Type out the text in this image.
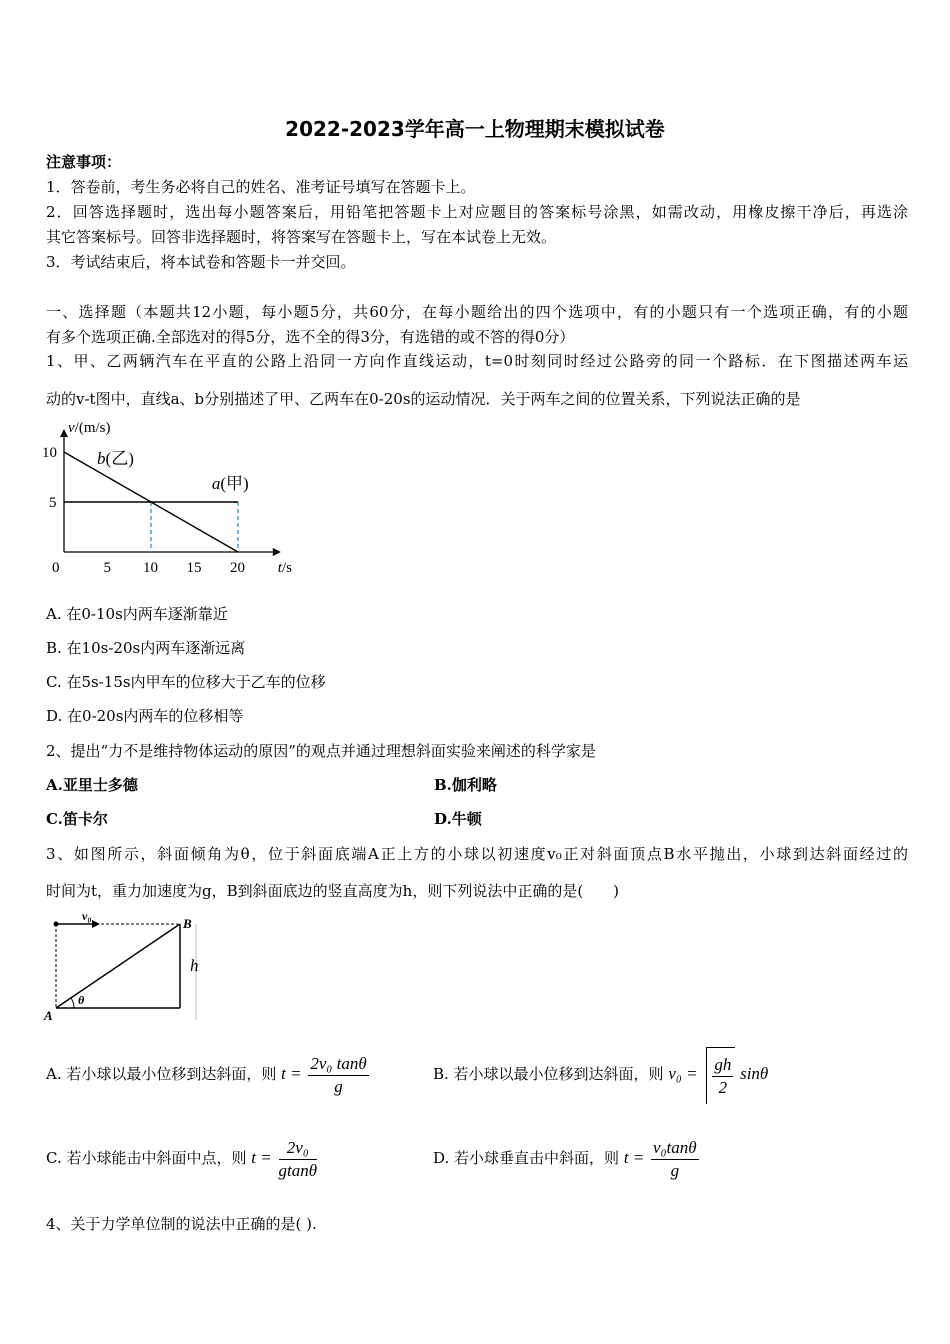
2022-2023学年高一上物理期末模拟试卷
注意事项：
1．答卷前，考生务必将自己的姓名、准考证号填写在答题卡上。
2．回答选择题时，选出每小题答案后，用铅笔把答题卡上对应题目的答案标号涂黑，如需改动，用橡皮擦干净后，再选涂
其它答案标号。回答非选择题时，将答案写在答题卡上，写在本试卷上无效。
3．考试结束后，将本试卷和答题卡一并交回。
一、选择题（本题共12小题，每小题5分，共60分，在每小题给出的四个选项中，有的小题只有一个选项正确，有的小题
有多个选项正确.全部选对的得5分，选不全的得3分，有选错的或不答的得0分）
1、甲、乙两辆汽车在平直的公路上沿同一方向作直线运动，t=0时刻同时经过公路旁的同一个路标．在下图描述两车运
动的v-t图中，直线a、b分别描述了甲、乙两车在0-20s的运动情况．关于两车之间的位置关系，下列说法正确的是
v/(m/s)
t/s
0	5 10 15 20
5
10 b(乙)
a(甲)
A. 在0-10s内两车逐渐靠近
B. 在10s-20s内两车逐渐远离
C. 在5s-15s内甲车的位移大于乙车的位移
D. 在0-20s内两车的位移相等
2、提出“力不是维持物体运动的原因”的观点并通过理想斜面实验来阐述的科学家是
A.亚里士多德	B.伽利略
C.笛卡尔	D.牛顿
3、如图所示，斜面倾角为θ，位于斜面底端A正上方的小球以初速度v₀正对斜面顶点B水平抛出，小球到达斜面经过的
时间为t，重力加速度为g，B到斜面底边的竖直高度为h，则下列说法中正确的是(　　)
v₀
θ
B
A
h
A. 若小球以最小位移到达斜面，则 $t = \frac{\text{2v₀ tanθ}}{g}$	B. 若小球以最小位移到达斜面，则 $v_0 = \frac{gh}{2}$ sinθ
C. 若小球能击中斜面中点，则 $t = \frac{\text{2v₀}}{gtan\theta}$	D. 若小球垂直击中斜面，则 $t = \frac{\text{v₀tanθ}}{g}$
4、关于力学单位制的说法中正确的是( ).
